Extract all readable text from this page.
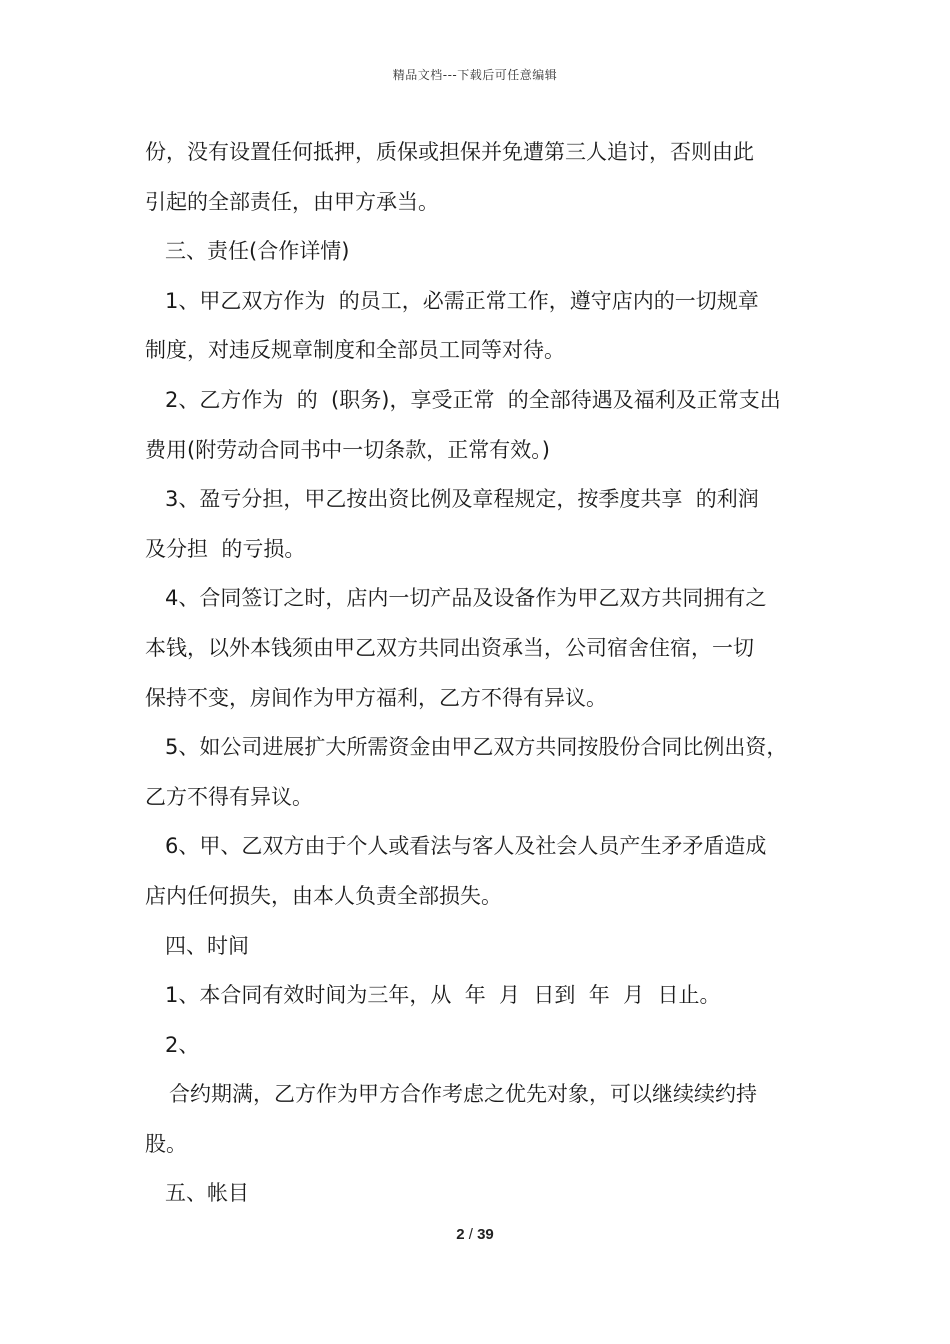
精品文档---下载后可任意编辑
份，没有设置任何抵押，质保或担保并免遭第三人追讨，否则由此
引起的全部责任，由甲方承当。
三、责任(合作详情)
1、甲乙双方作为  的员工，必需正常工作，遵守店内的一切规章
制度，对违反规章制度和全部员工同等对待。
2、乙方作为  的  (职务)，享受正常  的全部待遇及福利及正常支出
费用(附劳动合同书中一切条款，正常有效。)
3、盈亏分担，甲乙按出资比例及章程规定，按季度共享  的利润
及分担  的亏损。
4、合同签订之时，店内一切产品及设备作为甲乙双方共同拥有之
本钱，以外本钱须由甲乙双方共同出资承当，公司宿舍住宿，一切
保持不变，房间作为甲方福利，乙方不得有异议。
5、如公司进展扩大所需资金由甲乙双方共同按股份合同比例出资，
乙方不得有异议。
6、甲、乙双方由于个人或看法与客人及社会人员产生矛矛盾造成
店内任何损失，由本人负责全部损失。
四、时间
1、本合同有效时间为三年，从  年  月  日到  年  月  日止。
2、
合约期满，乙方作为甲方合作考虑之优先对象，可以继续续约持
股。
五、帐目
2 / 39
